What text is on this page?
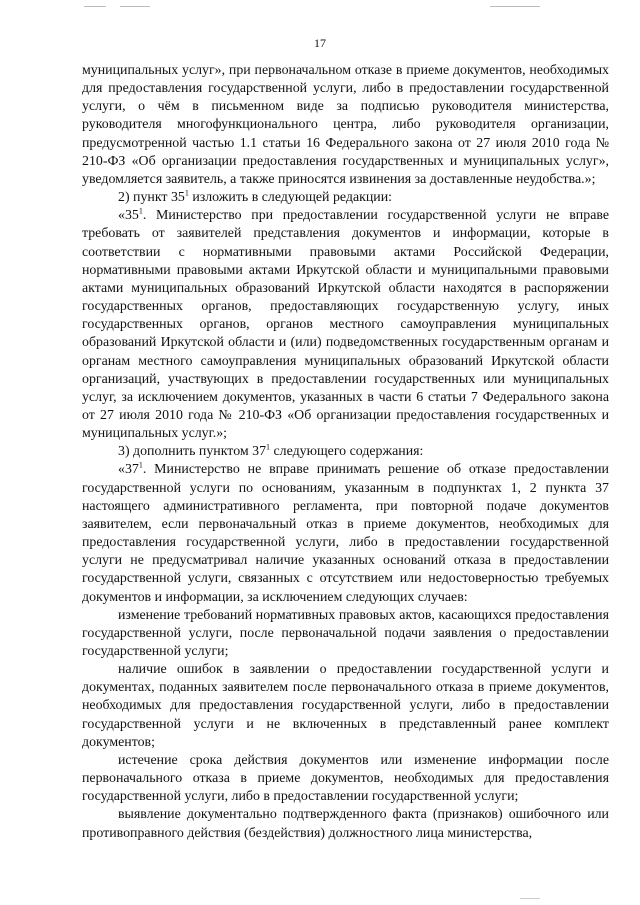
17

муниципальных услуг», при первоначальном отказе в приеме документов, необходимых для предоставления государственной услуги, либо в предоставлении государственной услуги, о чём в письменном виде за подписью руководителя министерства, руководителя многофункционального центра, либо руководителя организации, предусмотренной частью 1.1 статьи 16 Федерального закона от 27 июля 2010 года № 210-ФЗ «Об организации предоставления государственных и муниципальных услуг», уведомляется заявитель, а также приносятся извинения за доставленные неудобства.»;

2) пункт $35^1$ изложить в следующей редакции:

«$35^1$. Министерство при предоставлении государственной услуги не вправе требовать от заявителей представления документов и информации, которые в соответствии с нормативными правовыми актами Российской Федерации, нормативными правовыми актами Иркутской области и муниципальными правовыми актами муниципальных образований Иркутской области находятся в распоряжении государственных органов, предоставляющих государственную услугу, иных государственных органов, органов местного самоуправления муниципальных образований Иркутской области и (или) подведомственных государственным органам и органам местного самоуправления муниципальных образований Иркутской области организаций, участвующих в предоставлении государственных или муниципальных услуг, за исключением документов, указанных в части 6 статьи 7 Федерального закона от 27 июля 2010 года № 210-ФЗ «Об организации предоставления государственных и муниципальных услуг.»;

3) дополнить пунктом $37^1$ следующего содержания:

«$37^1$. Министерство не вправе принимать решение об отказе предоставлении государственной услуги по основаниям, указанным в подпунктах 1, 2 пункта 37 настоящего административного регламента, при повторной подаче документов заявителем, если первоначальный отказ в приеме документов, необходимых для предоставления государственной услуги, либо в предоставлении государственной услуги не предусматривал наличие указанных оснований отказа в предоставлении государственной услуги, связанных с отсутствием или недостоверностью требуемых документов и информации, за исключением следующих случаев:

изменение требований нормативных правовых актов, касающихся предоставления государственной услуги, после первоначальной подачи заявления о предоставлении государственной услуги;

наличие ошибок в заявлении о предоставлении государственной услуги и документах, поданных заявителем после первоначального отказа в приеме документов, необходимых для предоставления государственной услуги, либо в предоставлении государственной услуги и не включенных в представленный ранее комплект документов;

истечение срока действия документов или изменение информации после первоначального отказа в приеме документов, необходимых для предоставления государственной услуги, либо в предоставлении государственной услуги;

выявление документально подтвержденного факта (признаков) ошибочного или противоправного действия (бездействия) должностного лица министерства,
